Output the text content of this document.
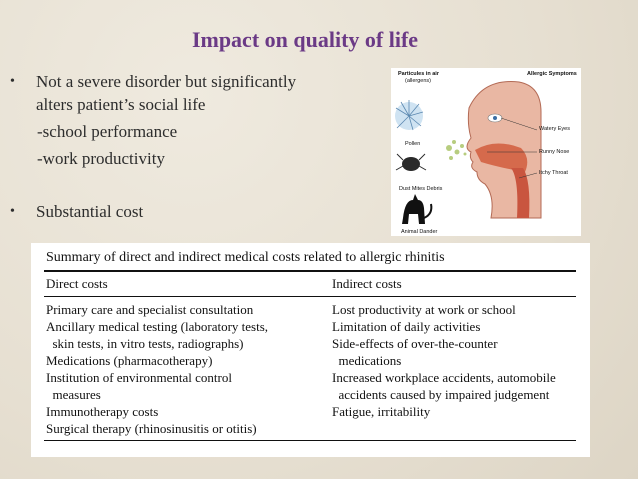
Impact on quality of life
• Not a severe disorder but significantly
alters patient’s social life
-school performance
-work productivity
• Substantial cost
Particules in air
(allergens)
Allergic Symptoms
Pollen
Dust Mites Debris
Animal Dander
Watery Eyes
Runny Nose
Itchy Throat
Summary of direct and indirect medical costs related to allergic rhinitis
Direct costs	Indirect costs
Primary care and specialist consultation
Ancillary medical testing (laboratory tests,
skin tests, in vitro tests, radiographs)
Medications (pharmacotherapy)
Institution of environmental control
measures
Immunotherapy costs
Surgical therapy (rhinosinusitis or otitis)
Lost productivity at work or school
Limitation of daily activities
Side-effects of over-the-counter
medications
Increased workplace accidents, automobile
accidents caused by impaired judgement
Fatigue, irritability
